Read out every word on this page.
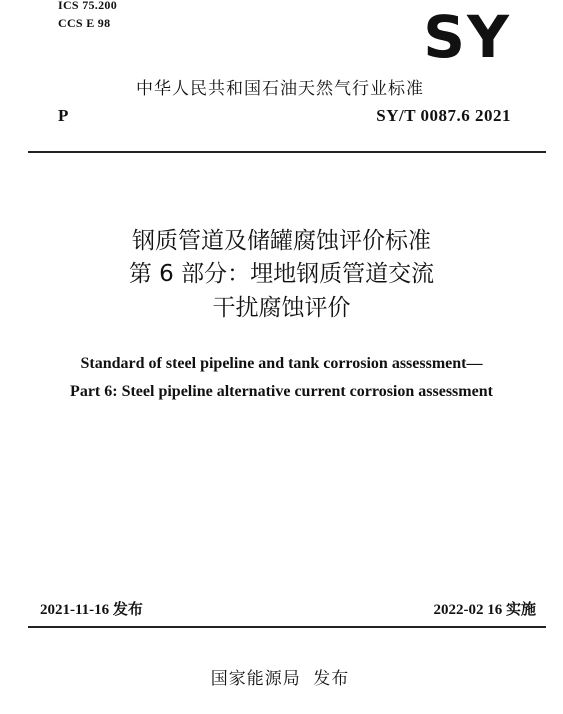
ICS 75.200
CCS E 98	SY
中华人民共和国石油天然气行业标准
P	SY/T 0087.6 2021
钢质管道及储罐腐蚀评价标准
第 6 部分：埋地钢质管道交流
干扰腐蚀评价
Standard of steel pipeline and tank corrosion assessment—
Part 6: Steel pipeline alternative current corrosion assessment
2021-11-16 发布	2022-02 16 实施
国家能源局 发布
